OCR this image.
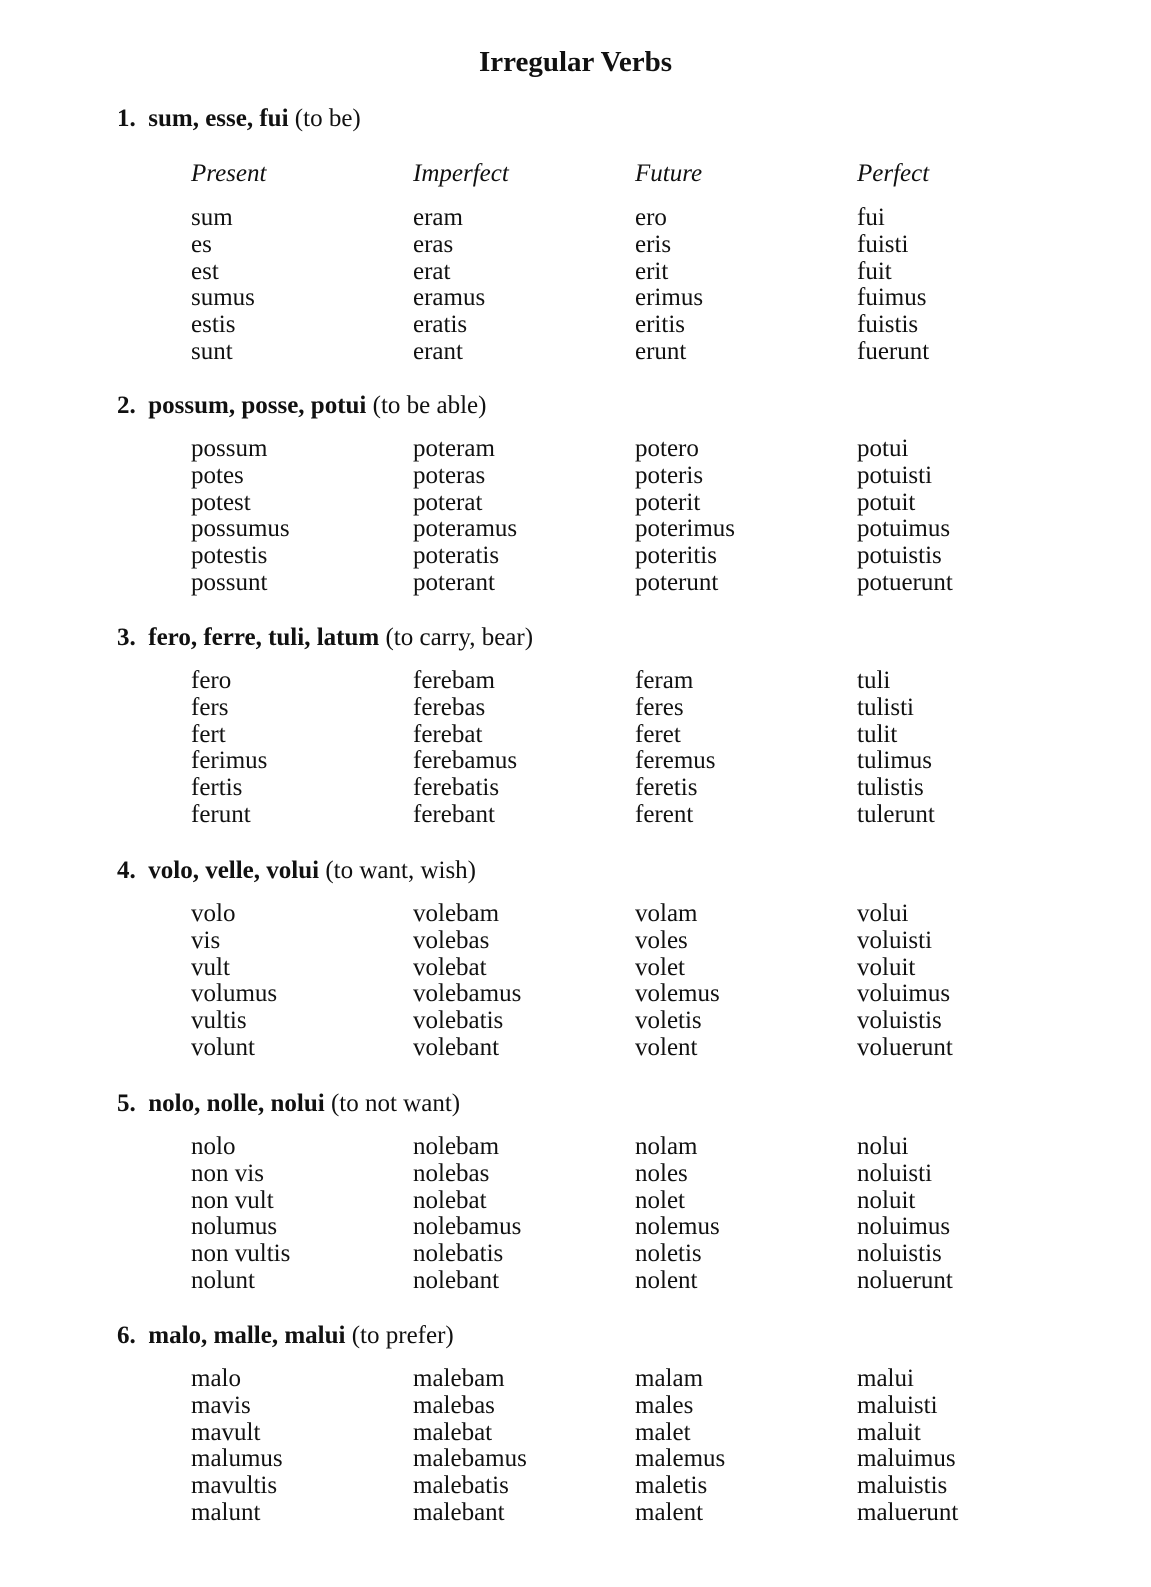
Irregular Verbs
1. sum, esse, fui (to be)
Present
sum
es
est
sumus
estis
sunt
Imperfect
eram
eras
erat
eramus
eratis
erant
Future
ero
eris
erit
erimus
eritis
erunt
Perfect
fui
fuisti
fuit
fuimus
fuistis
fuerunt
2. possum, posse, potui (to be able)
possum
potes
potest
possumus
potestis
possunt
poteram
poteras
poterat
poteramus
poteratis
poterant
potero
poteris
poterit
poterimus
poteritis
poterunt
potui
potuisti
potuit
potuimus
potuistis
potuerunt
3. fero, ferre, tuli, latum (to carry, bear)
fero
fers
fert
ferimus
fertis
ferunt
ferebam
ferebas
ferebat
ferebamus
ferebatis
ferebant
feram
feres
feret
feremus
feretis
ferent
tuli
tulisti
tulit
tulimus
tulistis
tulerunt
4. volo, velle, volui (to want, wish)
volo
vis
vult
volumus
vultis
volunt
volebam
volebas
volebat
volebamus
volebatis
volebant
volam
voles
volet
volemus
voletis
volent
volui
voluisti
voluit
voluimus
voluistis
voluerunt
5. nolo, nolle, nolui (to not want)
nolo
non vis
non vult
nolumus
non vultis
nolunt
nolebam
nolebas
nolebat
nolebamus
nolebatis
nolebant
nolam
noles
nolet
nolemus
noletis
nolent
nolui
noluisti
noluit
noluimus
noluistis
noluerunt
6. malo, malle, malui (to prefer)
malo
mavis
mavult
malumus
mavultis
malunt
malebam
malebas
malebat
malebamus
malebatis
malebant
malam
males
malet
malemus
maletis
malent
malui
maluisti
maluit
maluimus
maluistis
maluerunt
